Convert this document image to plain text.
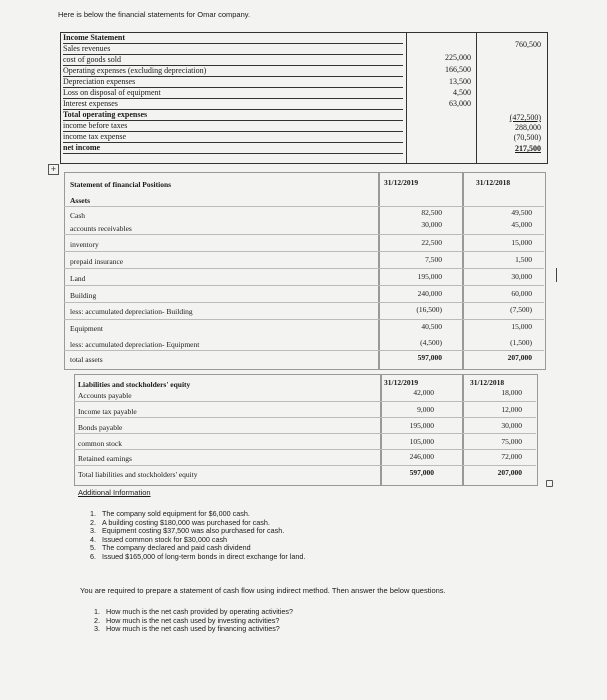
Here is below the financial statements for Omar company.
Income Statement
Sales revenues	760,500
cost of goods sold	225,000
Operating expenses (excluding depreciation)	166,500
Depreciation expenses	13,500
Loss on disposal of equipment	4,500
Interest expenses	63,000
Total operating expenses	(472,500)
income before taxes	288,000
income tax expense	(70,500)
net income	217,500
+
Statement of financial Positions	31/12/2019	31/12/2018
Assets
Cash	82,500	49,500
accounts receivables	30,000	45,000
inventory	22,500	15,000
prepaid insurance	7,500	1,500
Land	195,000	30,000
Building	240,000	60,000
less: accumulated depreciation- Building	(16,500)	(7,500)
Equipment	40,500	15,000
less: accumulated depreciation- Equipment	(4,500)	(1,500)
total assets	597,000	207,000
Liabilities and stockholders' equity	31/12/2019	31/12/2018
Accounts payable	42,000	18,000
Income tax payable	9,000	12,000
Bonds payable	195,000	30,000
common stock	105,000	75,000
Retained earnings	246,000	72,000
Total liabilities and stockholders' equity	597,000	207,000
Additional Information
1. The company sold equipment for $6,000 cash.
2. A building costing $180,000 was purchased for cash.
3. Equipment costing $37,500 was also purchased for cash.
4. Issued common stock for $30,000 cash
5. The company declared and paid cash dividend
6. Issued $165,000 of long-term bonds in direct exchange for land.
You are required to prepare a statement of cash flow using indirect method. Then answer the below questions.
1. How much is the net cash provided by operating activities?
2. How much is the net cash used by investing activities?
3. How much is the net cash used by financing activities?
